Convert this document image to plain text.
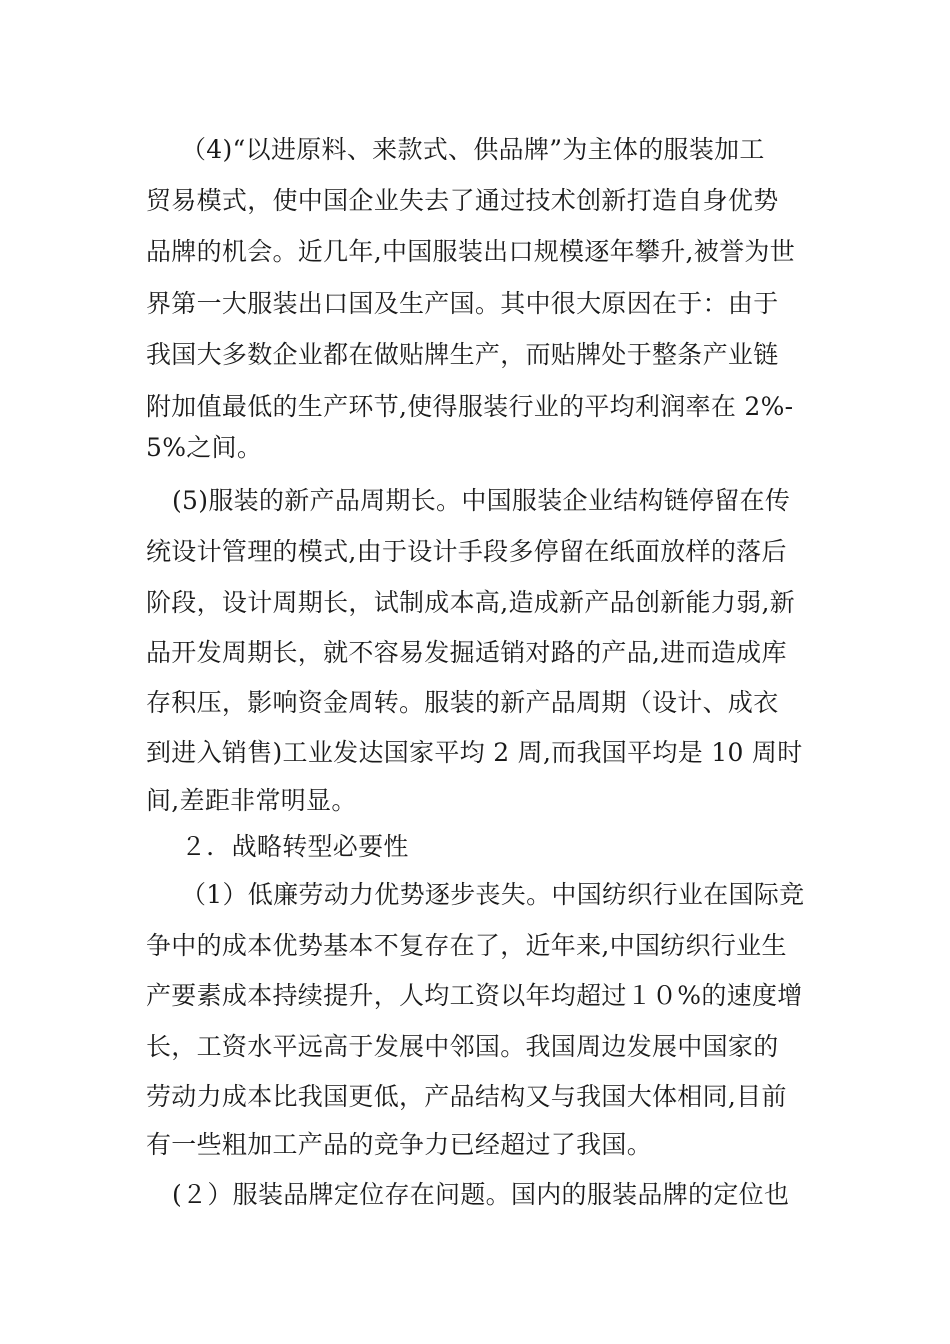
（4)“以进原料、来款式、供品牌”为主体的服装加工
贸易模式，使中国企业失去了通过技术创新打造自身优势
品牌的机会。近几年,中国服装出口规模逐年攀升,被誉为世
界第一大服装出口国及生产国。其中很大原因在于：由于
我国大多数企业都在做贴牌生产，而贴牌处于整条产业链
附加值最低的生产环节,使得服装行业的平均利润率在 2%-
5%之间。
(5)服装的新产品周期长。中国服装企业结构链停留在传
统设计管理的模式,由于设计手段多停留在纸面放样的落后
阶段，设计周期长，试制成本高,造成新产品创新能力弱,新
品开发周期长，就不容易发掘适销对路的产品,进而造成库
存积压，影响资金周转。服装的新产品周期（设计、成衣
到进入销售)工业发达国家平均 2 周,而我国平均是 10 周时
间,差距非常明显。
２．战略转型必要性
（1）低廉劳动力优势逐步丧失。中国纺织行业在国际竞
争中的成本优势基本不复存在了，近年来,中国纺织行业生
产要素成本持续提升，人均工资以年均超过１０%的速度增
长，工资水平远高于发展中邻国。我国周边发展中国家的
劳动力成本比我国更低，产品结构又与我国大体相同,目前
有一些粗加工产品的竞争力已经超过了我国。
(２）服装品牌定位存在问题。国内的服装品牌的定位也
